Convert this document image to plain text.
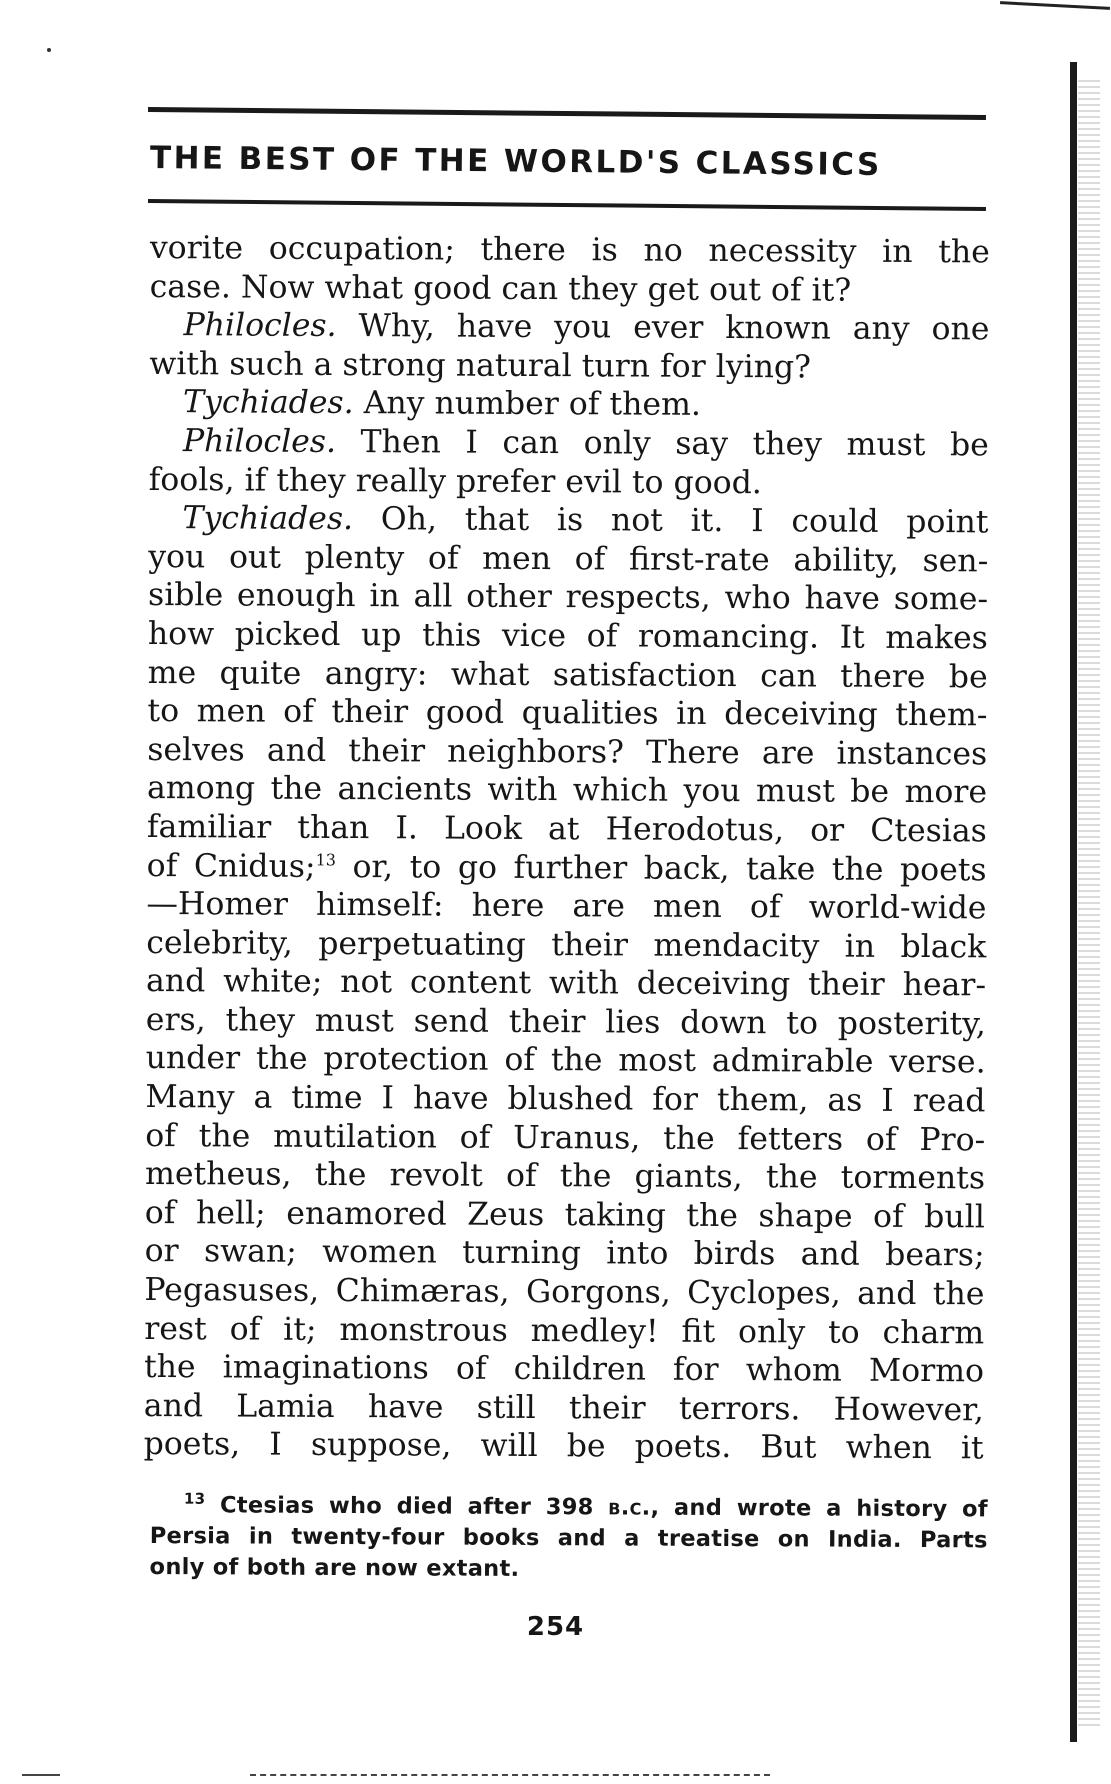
THE BEST OF THE WORLD'S CLASSICS
vorite occupation; there is no necessity in the
case. Now what good can they get out of it?
Philocles. Why, have you ever known any one
with such a strong natural turn for lying?
Tychiades. Any number of them.
Philocles. Then I can only say they must be
fools, if they really prefer evil to good.
Tychiades. Oh, that is not it. I could point
you out plenty of men of first-rate ability, sen-
sible enough in all other respects, who have some-
how picked up this vice of romancing. It makes
me quite angry: what satisfaction can there be
to men of their good qualities in deceiving them-
selves and their neighbors? There are instances
among the ancients with which you must be more
familiar than I. Look at Herodotus, or Ctesias
of Cnidus;$^{13}$ or, to go further back, take the poets
—Homer himself: here are men of world-wide
celebrity, perpetuating their mendacity in black
and white; not content with deceiving their hear-
ers, they must send their lies down to posterity,
under the protection of the most admirable verse.
Many a time I have blushed for them, as I read
of the mutilation of Uranus, the fetters of Pro-
metheus, the revolt of the giants, the torments
of hell; enamored Zeus taking the shape of bull
or swan; women turning into birds and bears;
Pegasuses, Chimæras, Gorgons, Cyclopes, and the
rest of it; monstrous medley! fit only to charm
the imaginations of children for whom Mormo
and Lamia have still their terrors. However,
poets, I suppose, will be poets. But when it
$^{13}$ Ctesias who died after 398 b.c., and wrote a history of
Persia in twenty-four books and a treatise on India. Parts
only of both are now extant.
254
